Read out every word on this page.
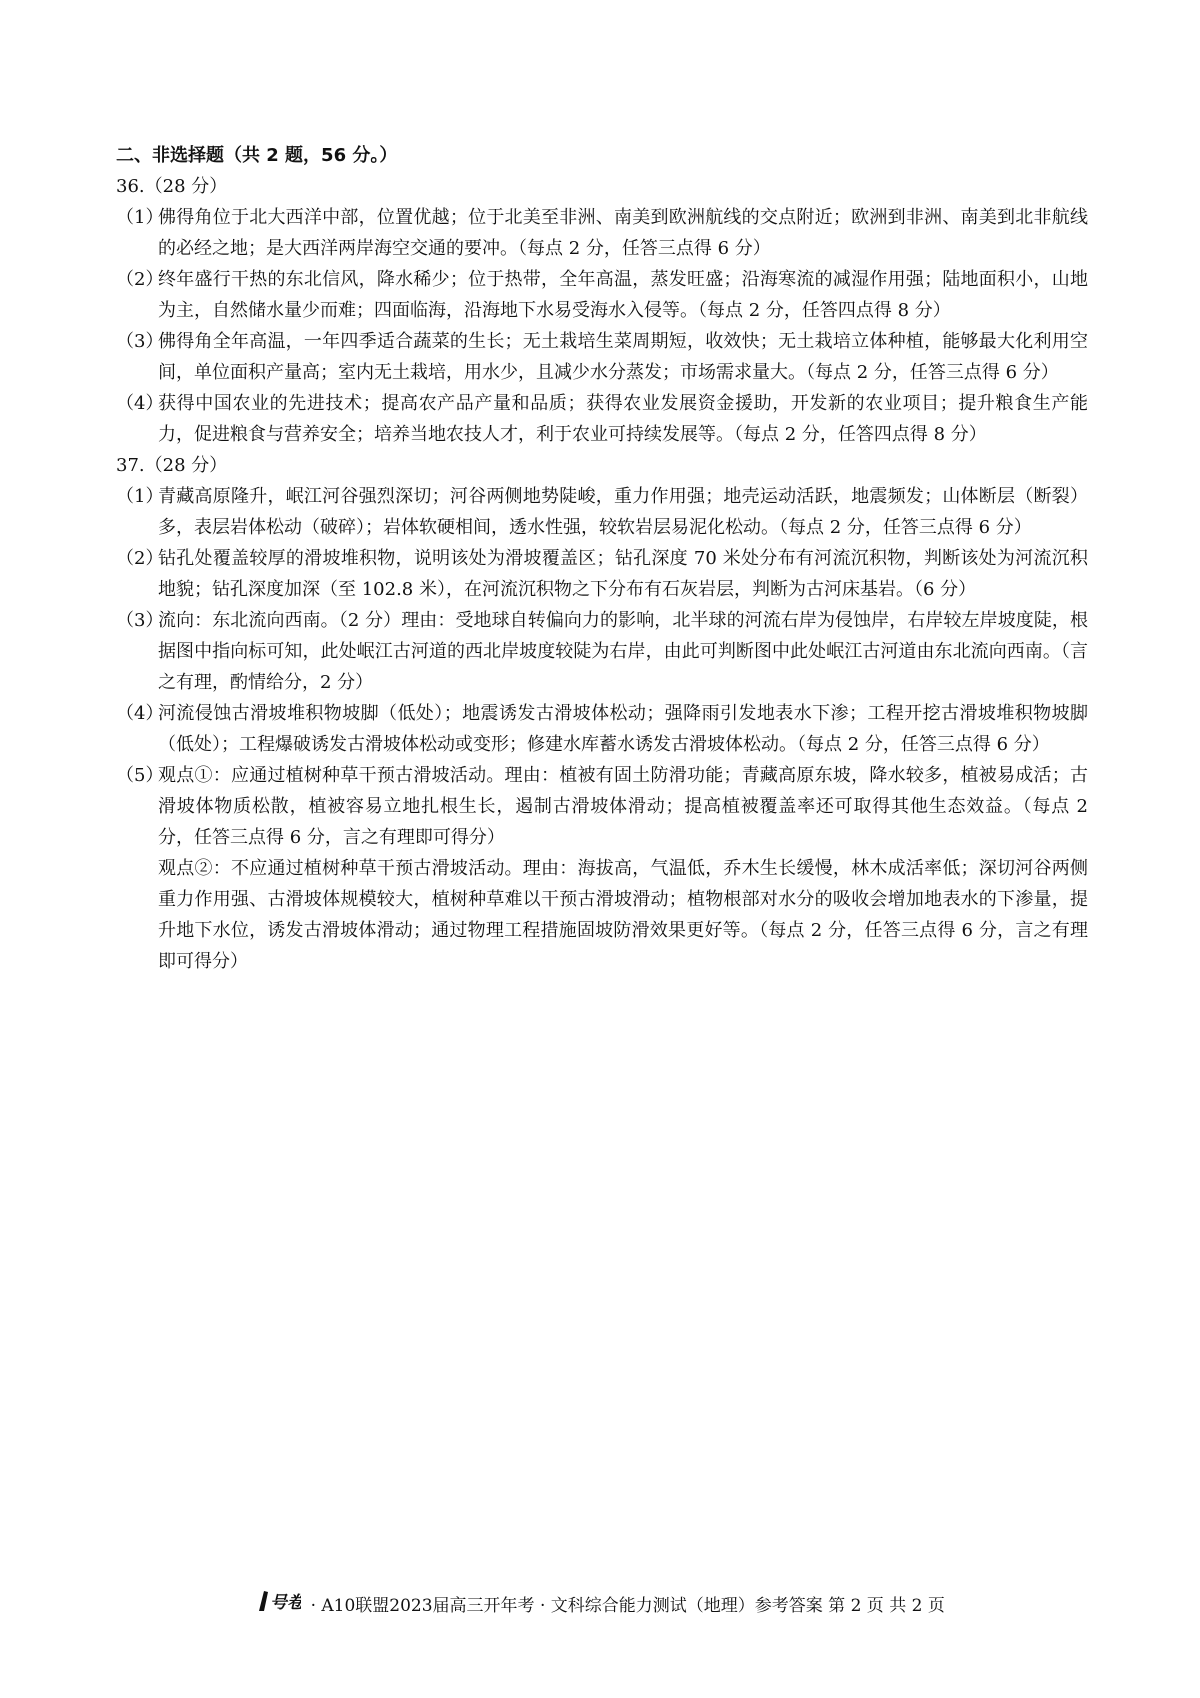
二、非选择题（共 2 题，56 分。）

36.（28 分）

（1）

佛得角位于北大西洋中部，位置优越；位于北美至非洲、南美到欧洲航线的交点附近；欧洲到非洲、南美到北非航线的必经之地；是大西洋两岸海空交通的要冲。（每点 2 分，任答三点得 6 分）

（2）

终年盛行干热的东北信风，降水稀少；位于热带，全年高温，蒸发旺盛；沿海寒流的减湿作用强；陆地面积小，山地为主，自然储水量少而难；四面临海，沿海地下水易受海水入侵等。（每点 2 分，任答四点得 8 分）

（3）

佛得角全年高温，一年四季适合蔬菜的生长；无土栽培生菜周期短，收效快；无土栽培立体种植，能够最大化利用空间，单位面积产量高；室内无土栽培，用水少，且减少水分蒸发；市场需求量大。（每点 2 分，任答三点得 6 分）

（4）

获得中国农业的先进技术；提高农产品产量和品质；获得农业发展资金援助，开发新的农业项目；提升粮食生产能力，促进粮食与营养安全；培养当地农技人才，利于农业可持续发展等。（每点 2 分，任答四点得 8 分）

37.（28 分）

（1）

青藏高原隆升，岷江河谷强烈深切；河谷两侧地势陡峻，重力作用强；地壳运动活跃，地震频发；山体断层（断裂）多，表层岩体松动（破碎）；岩体软硬相间，透水性强，较软岩层易泥化松动。（每点 2 分，任答三点得 6 分）

（2）

钻孔处覆盖较厚的滑坡堆积物，说明该处为滑坡覆盖区；钻孔深度 70 米处分布有河流沉积物，判断该处为河流沉积地貌；钻孔深度加深（至 102.8 米），在河流沉积物之下分布有石灰岩层，判断为古河床基岩。（6 分）

（3）

流向：东北流向西南。（2 分）理由：受地球自转偏向力的影响，北半球的河流右岸为侵蚀岸，右岸较左岸坡度陡，根据图中指向标可知，此处岷江古河道的西北岸坡度较陡为右岸，由此可判断图中此处岷江古河道由东北流向西南。（言之有理，酌情给分，2 分）

（4）

河流侵蚀古滑坡堆积物坡脚（低处）；地震诱发古滑坡体松动；强降雨引发地表水下渗；工程开挖古滑坡堆积物坡脚（低处）；工程爆破诱发古滑坡体松动或变形；修建水库蓄水诱发古滑坡体松动。（每点 2 分，任答三点得 6 分）

（5）

观点①：应通过植树种草干预古滑坡活动。理由：植被有固土防滑功能；青藏高原东坡，降水较多，植被易成活；古滑坡体物质松散，植被容易立地扎根生长，遏制古滑坡体滑动；提高植被覆盖率还可取得其他生态效益。（每点 2 分，任答三点得 6 分，言之有理即可得分）

观点②：不应通过植树种草干预古滑坡活动。理由：海拔高，气温低，乔木生长缓慢，林木成活率低；深切河谷两侧重力作用强、古滑坡体规模较大，植树种草难以干预古滑坡滑动；植物根部对水分的吸收会增加地表水的下渗量，提升地下水位，诱发古滑坡体滑动；通过物理工程措施固坡防滑效果更好等。（每点 2 分，任答三点得 6 分，言之有理即可得分）

号卷 · A10联盟2023届高三开年考 · 文科综合能力测试（地理）参考答案 第 2 页 共 2 页
